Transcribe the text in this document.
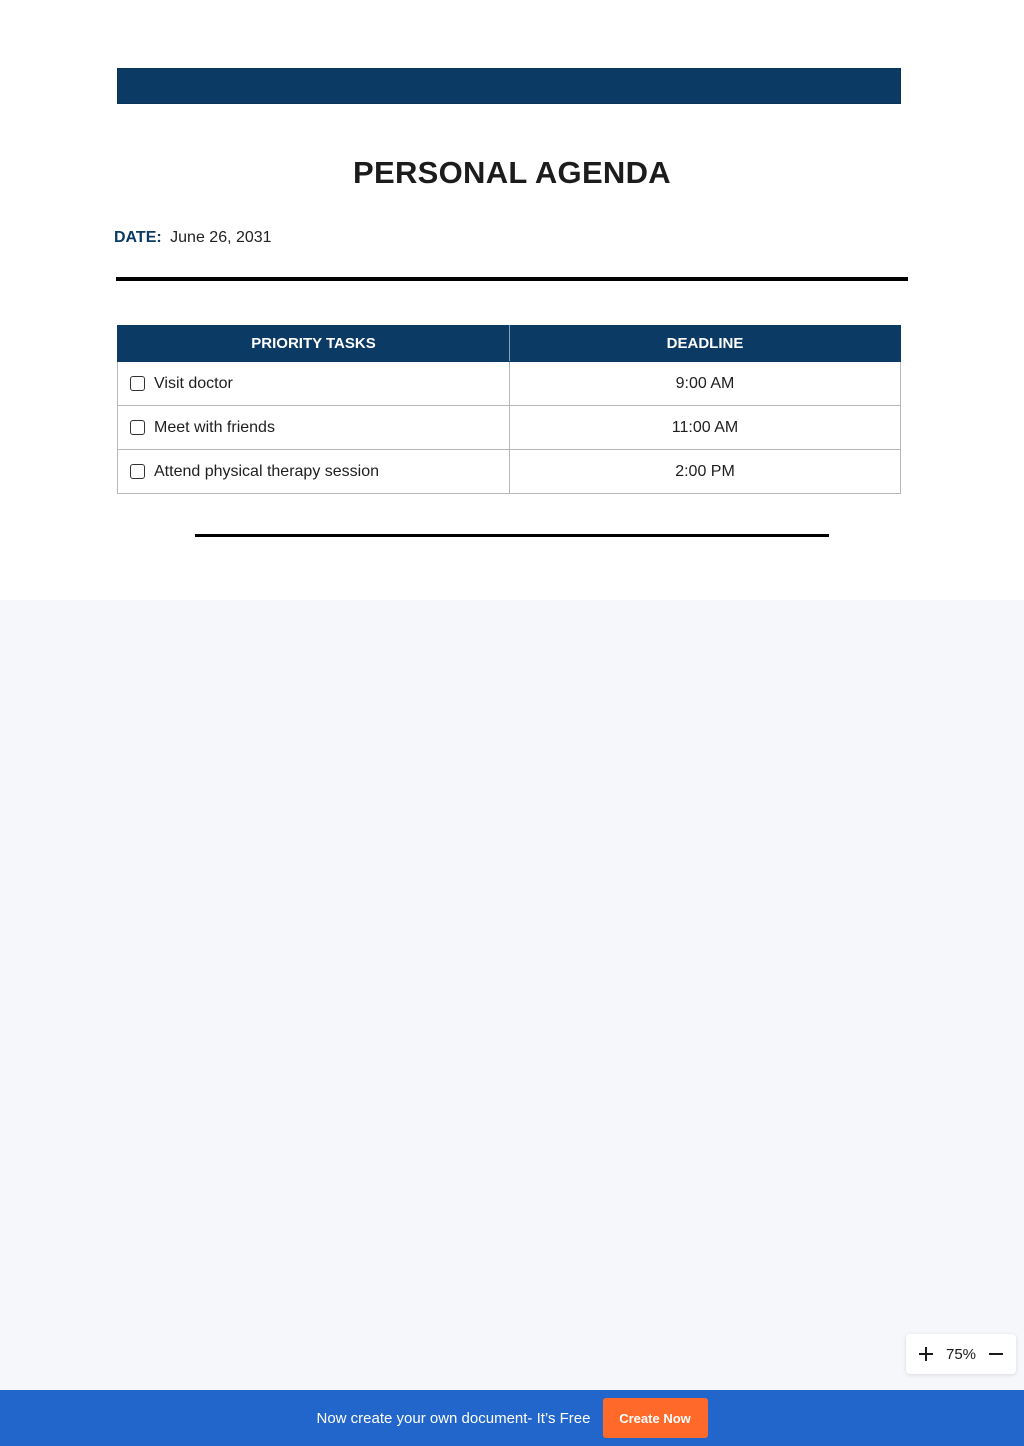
PERSONAL AGENDA
DATE: June 26, 2031
PRIORITY TASKS	DEADLINE

Visit doctor	9:00 AM

Meet with friends	11:00 AM

Attend physical therapy session	2:00 PM
75%
Now create your own document- It’s Free	Create Now
